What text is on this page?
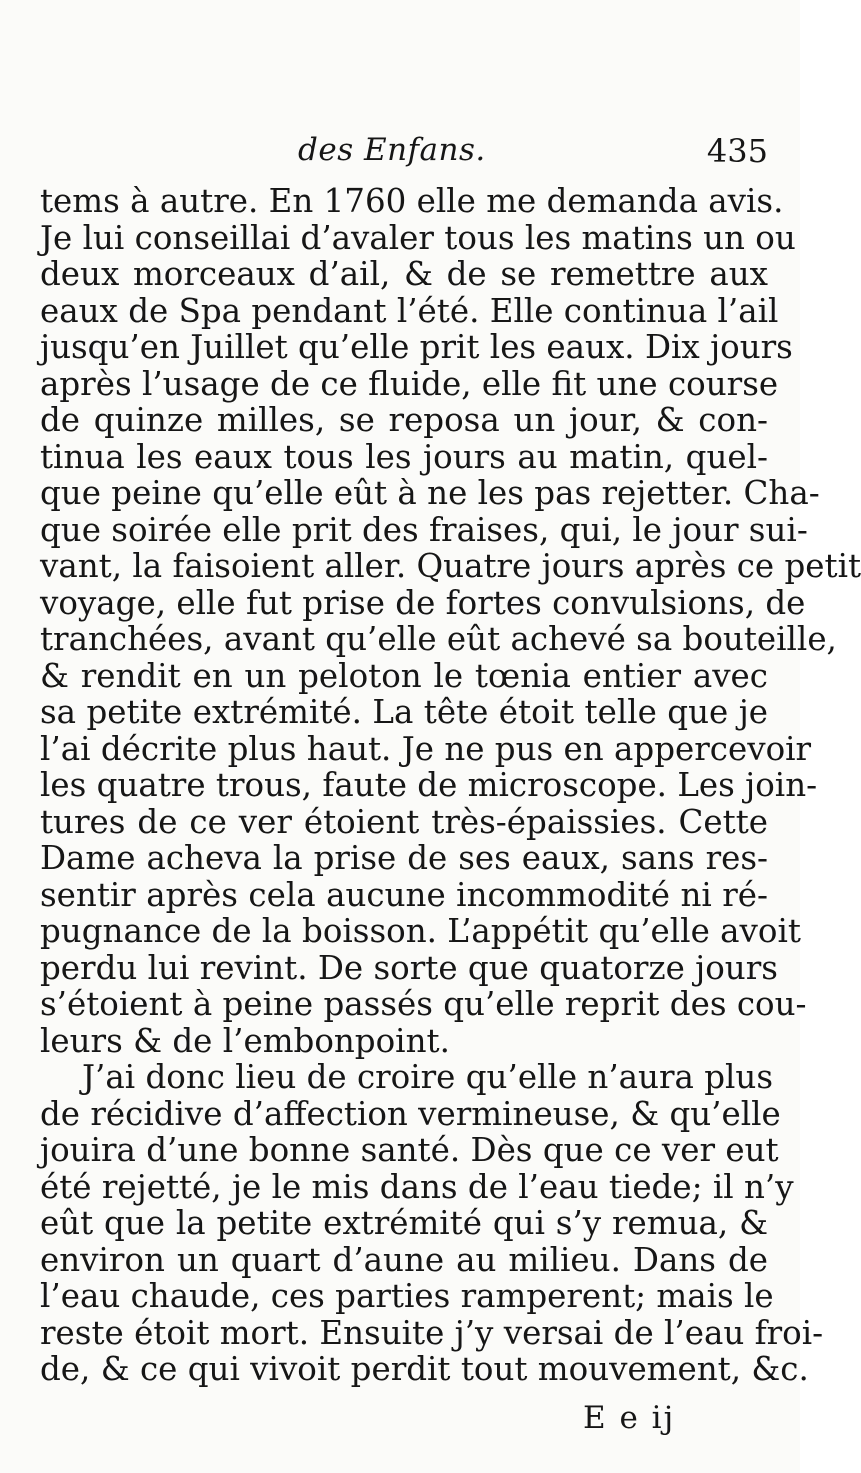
des Enfans.	435
tems à autre. En 1760 elle me demanda avis.
Je lui conseillai d’avaler tous les matins un ou
deux morceaux d’ail, & de se remettre aux
eaux de Spa pendant l’été. Elle continua l’ail
jusqu’en Juillet qu’elle prit les eaux. Dix jours
après l’usage de ce fluide, elle fit une course
de quinze milles, se reposa un jour, & con-
tinua les eaux tous les jours au matin, quel-
que peine qu’elle eût à ne les pas rejetter. Cha-
que soirée elle prit des fraises, qui, le jour sui-
vant, la faisoient aller. Quatre jours après ce petit
voyage, elle fut prise de fortes convulsions, de
tranchées, avant qu’elle eût achevé sa bouteille,
& rendit en un peloton le tœnia entier avec
sa petite extrémité. La tête étoit telle que je
l’ai décrite plus haut. Je ne pus en appercevoir
les quatre trous, faute de microscope. Les join-
tures de ce ver étoient très-épaissies. Cette
Dame acheva la prise de ses eaux, sans res-
sentir après cela aucune incommodité ni ré-
pugnance de la boisson. L’appétit qu’elle avoit
perdu lui revint. De sorte que quatorze jours
s’étoient à peine passés qu’elle reprit des cou-
leurs & de l’embonpoint.
J’ai donc lieu de croire qu’elle n’aura plus
de récidive d’affection vermineuse, & qu’elle
jouira d’une bonne santé. Dès que ce ver eut
été rejetté, je le mis dans de l’eau tiede; il n’y
eût que la petite extrémité qui s’y remua, &
environ un quart d’aune au milieu. Dans de
l’eau chaude, ces parties ramperent; mais le
reste étoit mort. Ensuite j’y versai de l’eau froi-
de, & ce qui vivoit perdit tout mouvement, &c.
E e ij
